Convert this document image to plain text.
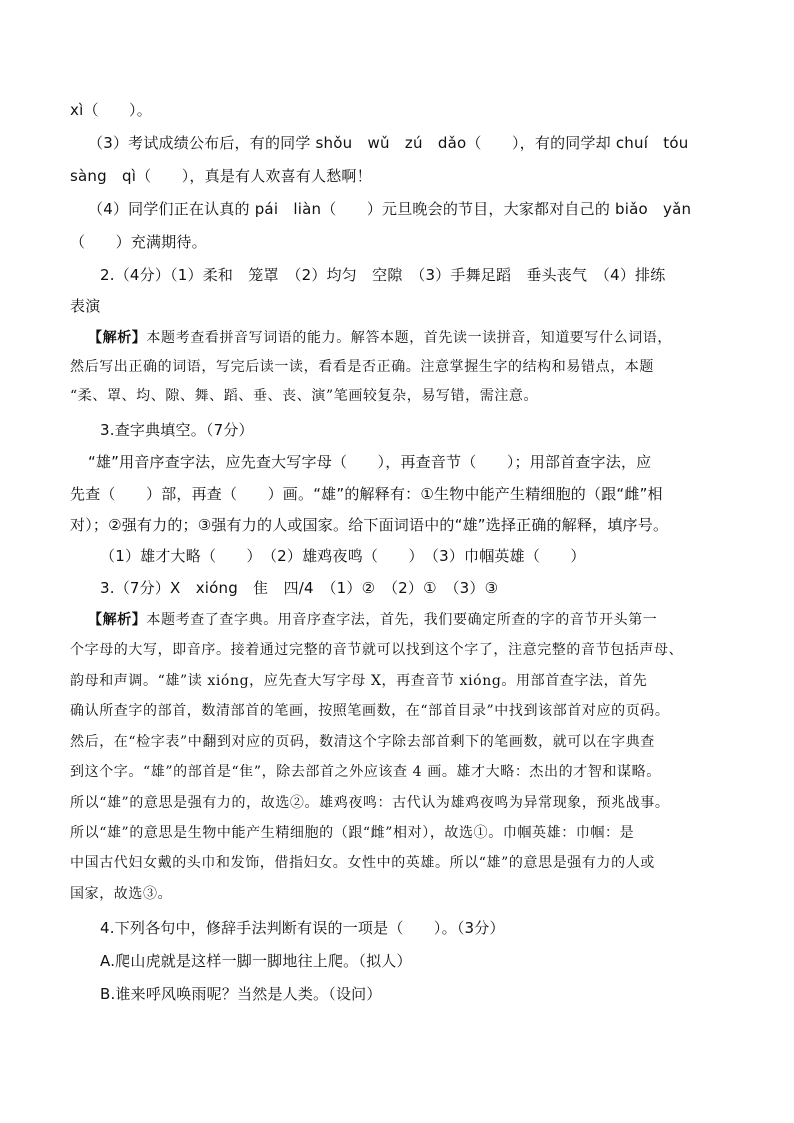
xì（　　）。

（3）考试成绩公布后，有的同学 shǒu　wǔ　zú　dǎo（　　），有的同学却 chuí　tóu

sàng　qì（　　），真是有人欢喜有人愁啊！

（4）同学们正在认真的 pái　liàn（　　）元旦晚会的节目，大家都对自己的 biǎo　yǎn

（　　）充满期待。

2.（4分）（1）柔和　笼罩　（2）均匀　空隙　（3）手舞足蹈　垂头丧气　（4）排练

表演

【解析】本题考查看拼音写词语的能力。解答本题，首先读一读拼音，知道要写什么词语，

然后写出正确的词语，写完后读一读，看看是否正确。注意掌握生字的结构和易错点，本题

“柔、罩、均、隙、舞、蹈、垂、丧、演”笔画较复杂，易写错，需注意。

3.查字典填空。（7分）

“雄”用音序查字法，应先查大写字母（　　），再查音节（　　）；用部首查字法，应

先查（　　）部，再查（　　）画。“雄”的解释有：①生物中能产生精细胞的（跟“雌”相

对）；②强有力的；③强有力的人或国家。给下面词语中的“雄”选择正确的解释，填序号。

（1）雄才大略（　　）　（2）雄鸡夜鸣（　　）　（3）巾帼英雄（　　）

3.（7分）X　xióng　隹　四/4　（1）②　（2）①　（3）③

【解析】本题考查了查字典。用音序查字法，首先，我们要确定所查的字的音节开头第一

个字母的大写，即音序。接着通过完整的音节就可以找到这个字了，注意完整的音节包括声母、

韵母和声调。“雄”读 xióng，应先查大写字母 X，再查音节 xióng。用部首查字法，首先

确认所查字的部首，数清部首的笔画，按照笔画数，在“部首目录”中找到该部首对应的页码。

然后，在“检字表”中翻到对应的页码，数清这个字除去部首剩下的笔画数，就可以在字典查

到这个字。“雄”的部首是“隹”，除去部首之外应该查 4 画。雄才大略：杰出的才智和谋略。

所以“雄”的意思是强有力的，故选②。雄鸡夜鸣：古代认为雄鸡夜鸣为异常现象，预兆战事。

所以“雄”的意思是生物中能产生精细胞的（跟“雌”相对），故选①。巾帼英雄：巾帼：是

中国古代妇女戴的头巾和发饰，借指妇女。女性中的英雄。所以“雄”的意思是强有力的人或

国家，故选③。

4.下列各句中，修辞手法判断有误的一项是（　　）。（3分）

A.爬山虎就是这样一脚一脚地往上爬。（拟人）

B.谁来呼风唤雨呢？当然是人类。（设问）
